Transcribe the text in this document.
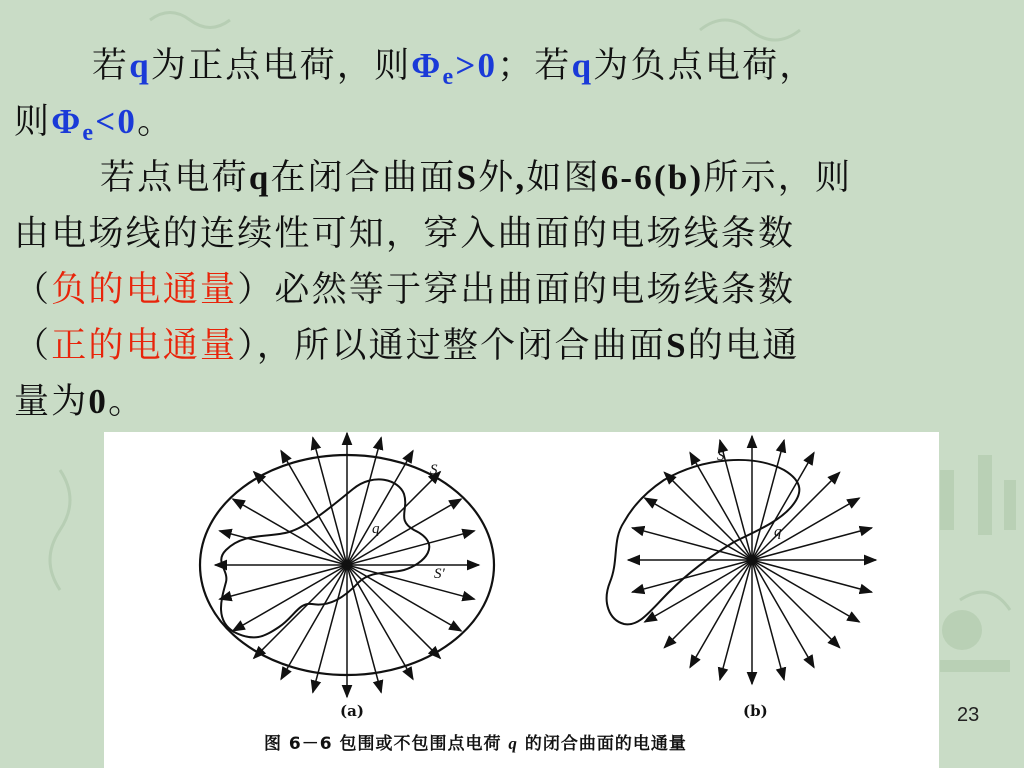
若q为正点电荷，则$\Phi_e>0$；若q为负点电荷，
则$\Phi_e<0$。
若点电荷q在闭合曲面S外,如图6-6(b)所示，则
由电场线的连续性可知，穿入曲面的电场线条数
（负的电通量）必然等于穿出曲面的电场线条数
（正的电通量），所以通过整个闭合曲面S的电通
量为0。
S
q
S′
S
q
(a)	(b)
图 6－6 包围或不包围点电荷 q 的闭合曲面的电通量
23
